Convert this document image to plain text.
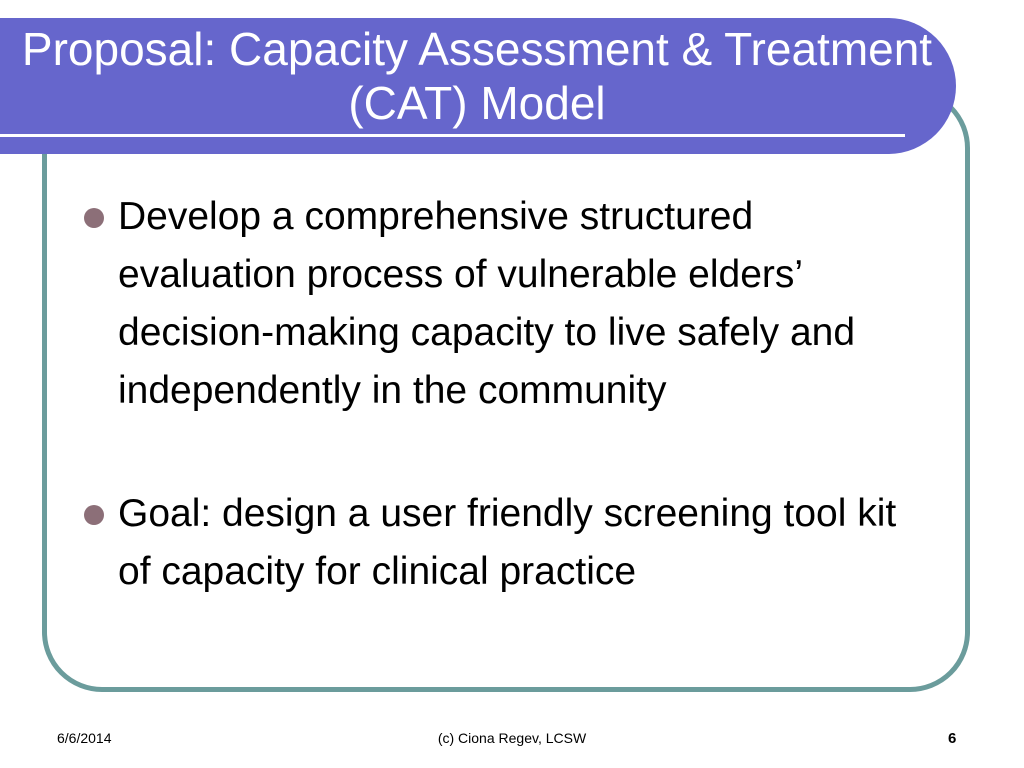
Proposal: Capacity Assessment & Treatment (CAT) Model
Develop a comprehensive structured evaluation process of vulnerable elders’ decision-making capacity to live safely and independently in the community
Goal: design a user friendly screening tool kit of capacity for clinical practice
6/6/2014	(c) Ciona Regev, LCSW	6
